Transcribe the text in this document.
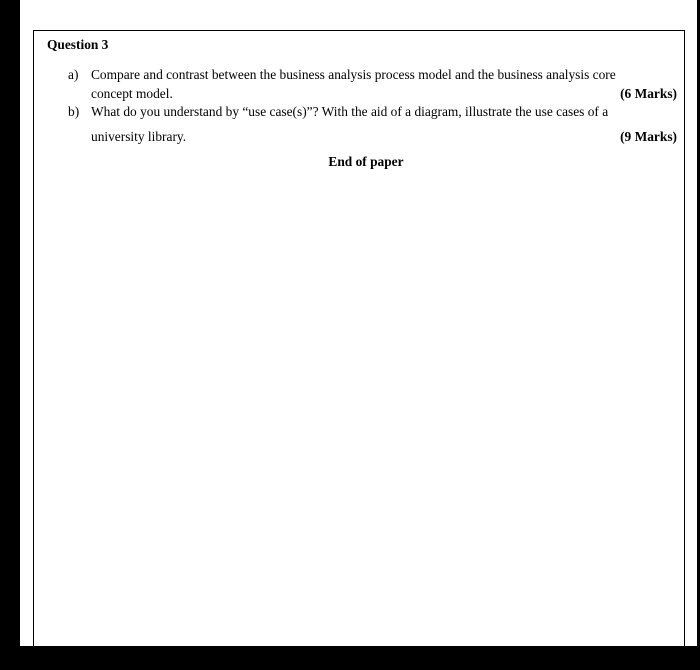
Question 3
a) Compare and contrast between the business analysis process model and the business analysis core
concept model.	(6 Marks)
b) What do you understand by “use case(s)”? With the aid of a diagram, illustrate the use cases of a
university library.	(9 Marks)
End of paper
